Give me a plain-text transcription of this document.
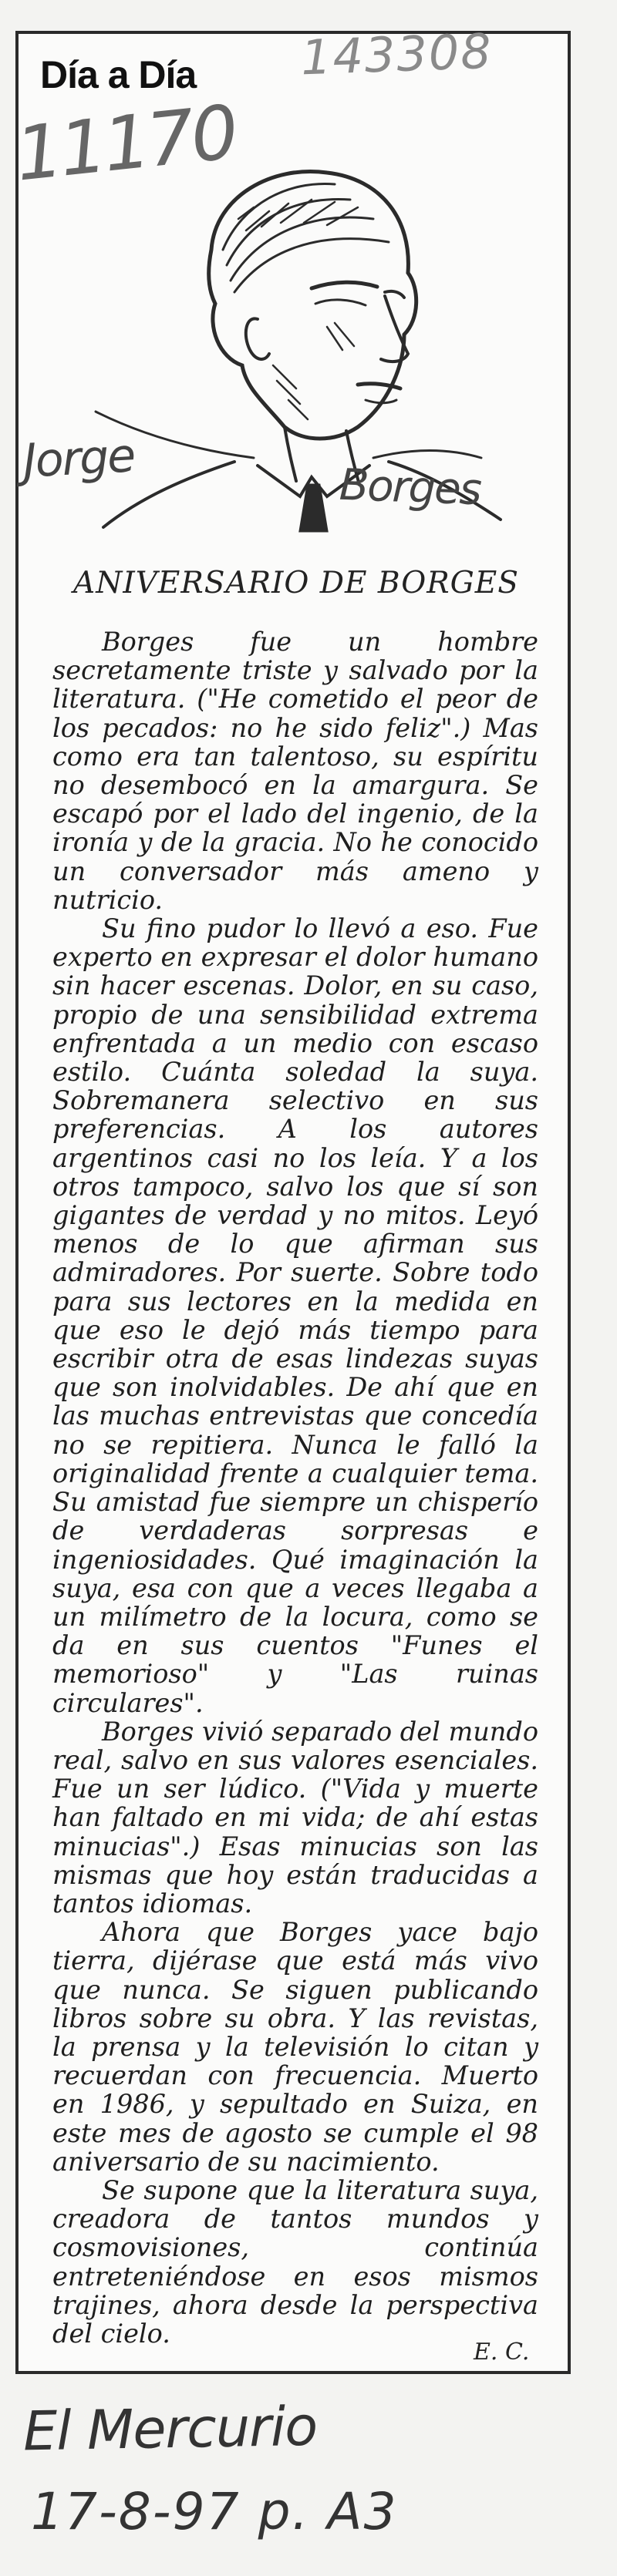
Día a Día
ANIVERSARIO DE BORGES

Borges fue un hombre secretamente triste y salvado por la literatura. ("He cometido el peor de los pecados: no he sido feliz".) Mas como era tan talentoso, su espíritu no desembocó en la amargura. Se escapó por el lado del ingenio, de la ironía y de la gracia. No he conocido un conversador más ameno y nutricio.

Su fino pudor lo llevó a eso. Fue experto en expresar el dolor humano sin hacer escenas. Dolor, en su caso, propio de una sensibilidad extrema enfrentada a un medio con escaso estilo. Cuánta soledad la suya. Sobremanera selectivo en sus preferencias. A los autores argentinos casi no los leía. Y a los otros tampoco, salvo los que sí son gigantes de verdad y no mitos. Leyó menos de lo que afirman sus admiradores. Por suerte. Sobre todo para sus lectores en la medida en que eso le dejó más tiempo para escribir otra de esas lindezas suyas que son inolvidables. De ahí que en las muchas entrevistas que concedía no se repitiera. Nunca le falló la originalidad frente a cualquier tema. Su amistad fue siempre un chisperío de verdaderas sorpresas e ingeniosidades. Qué imaginación la suya, esa con que a veces llegaba a un milímetro de la locura, como se da en sus cuentos "Funes el memorioso" y "Las ruinas circulares".

Borges vivió separado del mundo real, salvo en sus valores esenciales. Fue un ser lúdico. ("Vida y muerte han faltado en mi vida; de ahí estas minucias".) Esas minucias son las mismas que hoy están traducidas a tantos idiomas.

Ahora que Borges yace bajo tierra, dijérase que está más vivo que nunca. Se siguen publicando libros sobre su obra. Y las revistas, la prensa y la televisión lo citan y recuerdan con frecuencia. Muerto en 1986, y sepultado en Suiza, en este mes de agosto se cumple el 98 aniversario de su nacimiento.

Se supone que la literatura suya, creadora de tantos mundos y cosmovisiones, continúa entreteniéndose en esos mismos trajines, ahora desde la perspectiva del cielo.

E. C.
143308
11170
Jorge	Borges
El Mercurio
17-8-97 p. A3
